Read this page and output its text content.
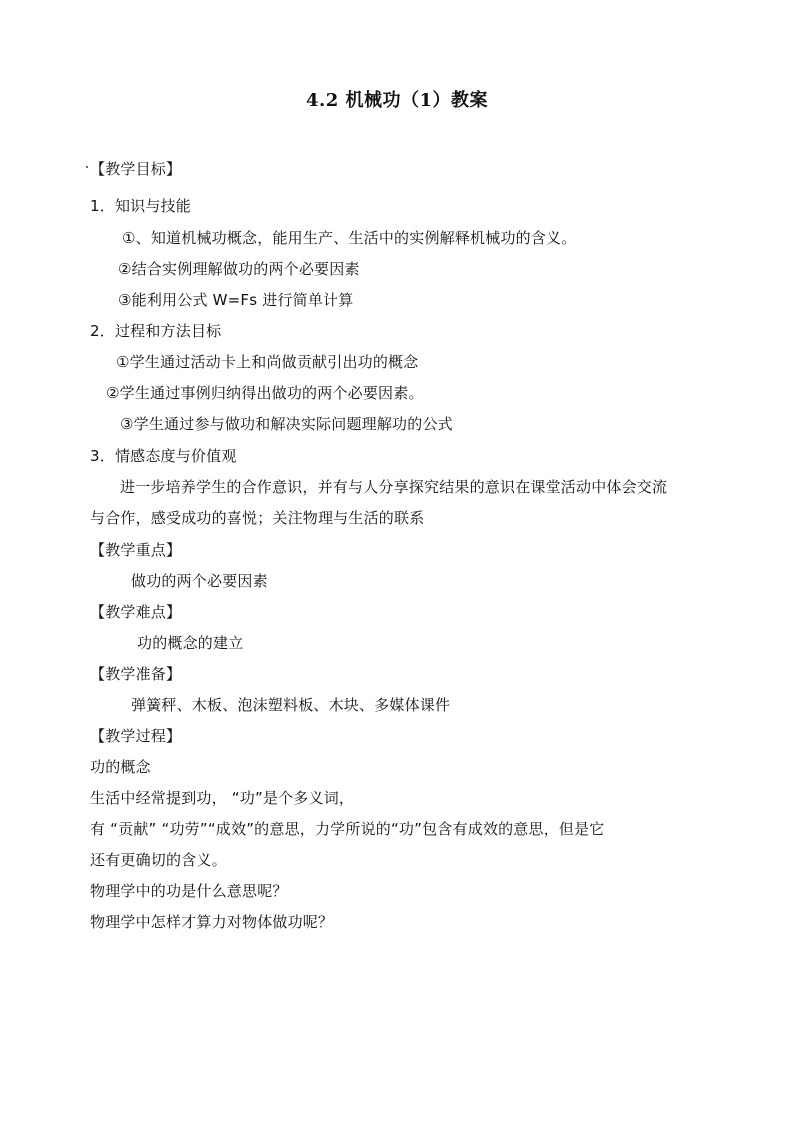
4.2 机械功（1）教案
【教学目标】
1．知识与技能
①、知道机械功概念，能用生产、生活中的实例解释机械功的含义。
②结合实例理解做功的两个必要因素
③能利用公式 W=Fs 进行简单计算
2．过程和方法目标
①学生通过活动卡上和尚做贡献引出功的概念
②学生通过事例归纳得出做功的两个必要因素。
③学生通过参与做功和解决实际问题理解功的公式
3．情感态度与价值观
进一步培养学生的合作意识，并有与人分享探究结果的意识在课堂活动中体会交流
与合作，感受成功的喜悦；关注物理与生活的联系
【教学重点】
做功的两个必要因素
【教学难点】
功的概念的建立
【教学准备】
弹簧秤、木板、泡沫塑料板、木块、多媒体课件
【教学过程】
功的概念
生活中经常提到功， “功”是个多义词，
有 “贡献” “功劳”“成效”的意思，力学所说的“功”包含有成效的意思，但是它
还有更确切的含义。
物理学中的功是什么意思呢？
物理学中怎样才算力对物体做功呢？
